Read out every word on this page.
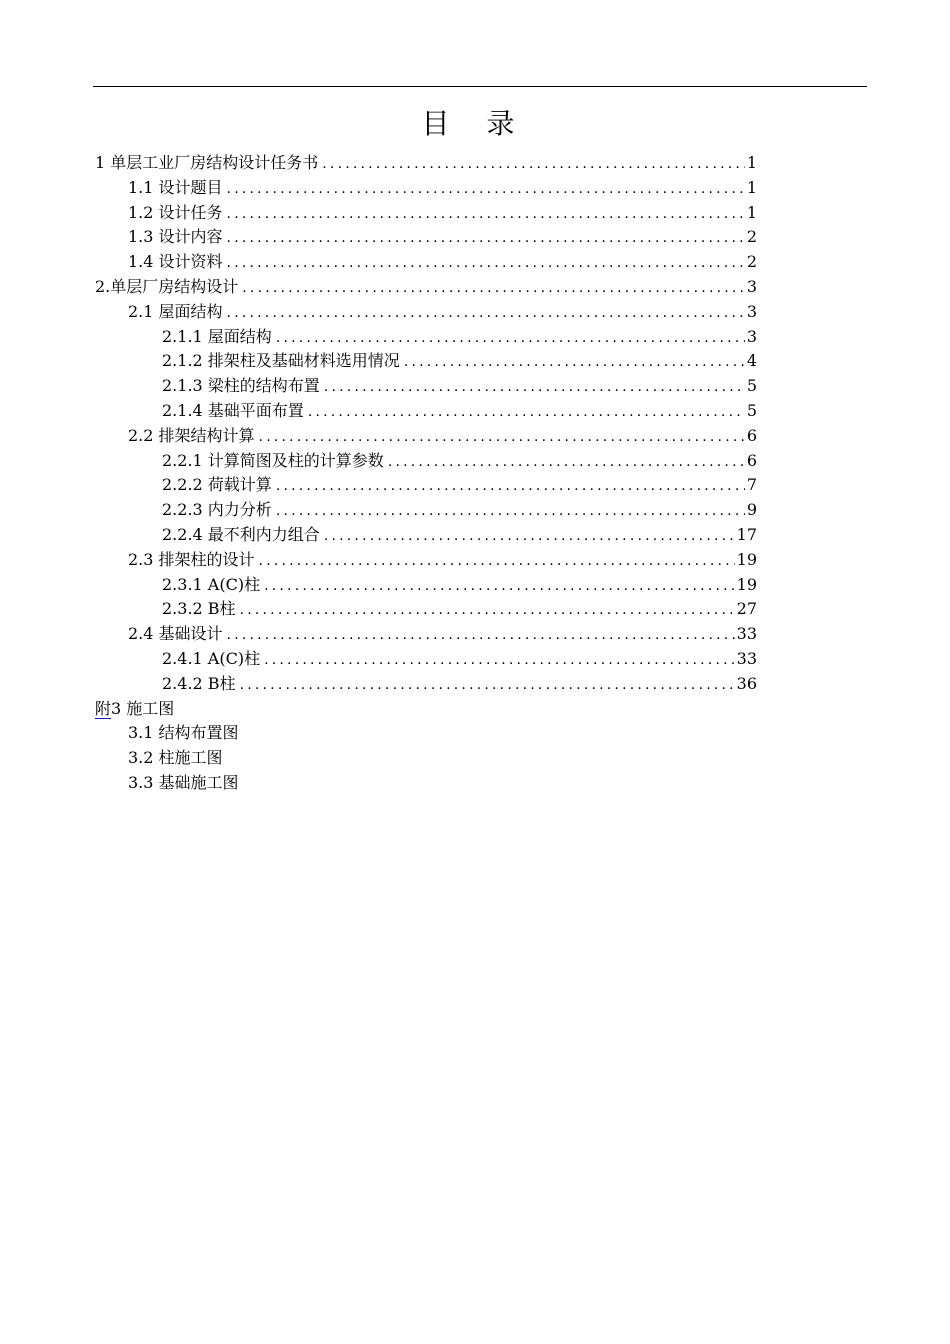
目 录
1 单层工业厂房结构设计任务书 .....	1
1.1 设计题目 .....	1
1.2 设计任务 .....	1
1.3 设计内容 .....	2
1.4 设计资料 .....	2
2.单层厂房结构设计 .....	3
2.1 屋面结构 .....	3
2.1.1 屋面结构 .....	3
2.1.2 排架柱及基础材料选用情况 .....	4
2.1.3 梁柱的结构布置 .....	5
2.1.4 基础平面布置 .....	5
2.2 排架结构计算 .....	6
2.2.1 计算简图及柱的计算参数 .....	6
2.2.2 荷载计算 .....	7
2.2.3 内力分析 .....	9
2.2.4 最不利内力组合 .....	17
2.3 排架柱的设计 .....	19
2.3.1 A(C)柱 .....	19
2.3.2 B柱 .....	27
2.4 基础设计 .....	33
2.4.1 A(C)柱 .....	33
2.4.2 B柱 .....	36
附3 施工图
3.1 结构布置图
3.2 柱施工图
3.3 基础施工图
